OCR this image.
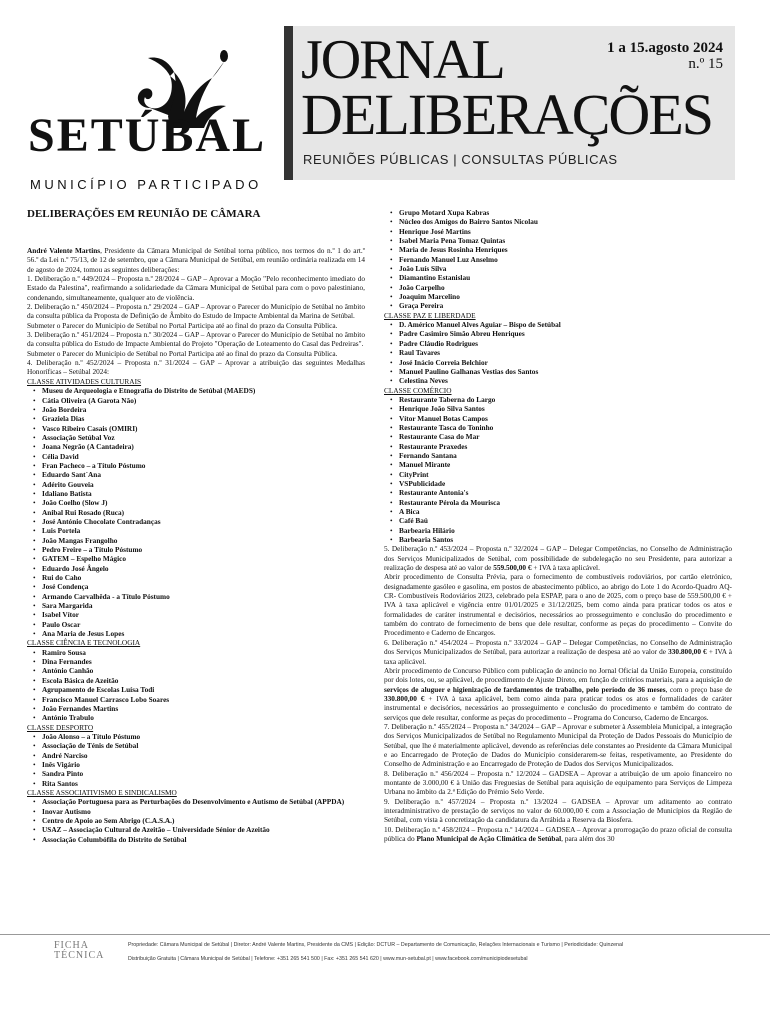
SETÚBAL
MUNICÍPIO PARTICIPADO
JORNAL
DELIBERAÇÕES
1 a 15.agosto 2024
n.º 15
REUNIÕES PÚBLICAS | CONSULTAS PÚBLICAS
DELIBERAÇÕES EM REUNIÃO DE CÂMARA

André Valente Martins, Presidente da Câmara Municipal de Setúbal torna público, nos termos do n.º 1 do art.º 56.º da Lei n.º 75/13, de 12 de setembro, que a Câmara Municipal de Setúbal, em reunião ordinária realizada em 14 de agosto de 2024, tomou as seguintes deliberações:

1. Deliberação n.º 449/2024 – Proposta n.º 28/2024 – GAP – Aprovar a Moção "Pelo reconhecimento imediato do Estado da Palestina", reafirmando a solidariedade da Câmara Municipal de Setúbal para com o povo palestiniano, condenando, simultaneamente, qualquer ato de violência.

2. Deliberação n.º 450/2024 – Proposta n.º 29/2024 – GAP – Aprovar o Parecer do Município de Setúbal no âmbito da consulta pública da Proposta de Definição de Âmbito do Estudo de Impacte Ambiental da Marina de Setúbal.

Submeter o Parecer do Município de Setúbal no Portal Participa até ao final do prazo da Consulta Pública.

3. Deliberação n.º 451/2024 – Proposta n.º 30/2024 – GAP – Aprovar o Parecer do Município de Setúbal no âmbito da consulta pública do Estudo de Impacte Ambiental do Projeto "Operação de Loteamento do Casal das Pedreiras".

Submeter o Parecer do Município de Setúbal no Portal Participa até ao final do prazo da Consulta Pública.

4. Deliberação n.º 452/2024 – Proposta n.º 31/2024 – GAP – Aprovar a atribuição das seguintes Medalhas Honoríficas – Setúbal 2024:

CLASSE ATIVIDADES CULTURAIS
• Museu de Arqueologia e Etnografia do Distrito de Setúbal (MAEDS)
• Cátia Oliveira (A Garota Não)
• João Bordeira
• Graziela Dias
• Vasco Ribeiro Casais (OMIRI)
• Associação Setúbal Voz
• Joana Negrão (A Cantadeira)
• Célia David
• Fran Pacheco – a Título Póstumo
• Eduardo Sant´Ana
• Adérito Gouveia
• Idaliano Batista
• João Coelho (Slow J)
• Anibal Rui Rosado (Ruca)
• José António Chocolate Contradanças
• Luis Portela
• João Mangas Frangolho
• Pedro Freire – a Título Póstumo
• GATEM – Espelho Mágico
• Eduardo José Ângelo
• Rui do Caho
• José Condença
• Armando Carvalhêda - a Título Póstumo
• Sara Margarida
• Isabel Vítor
• Paulo Oscar
• Ana Maria de Jesus Lopes
CLASSE CIÊNCIA E TECNOLOGIA
• Ramiro Sousa
• Dina Fernandes
• António Canhão
• Escola Básica de Azeitão
• Agrupamento de Escolas Luísa Todi
• Francisco Manuel Carrasco Lobo Soares
• João Fernandes Martins
• António Trabulo
CLASSE DESPORTO
• João Alonso – a Título Póstumo
• Associação de Ténis de Setúbal
• André Narciso
• Inês Vigário
• Sandra Pinto
• Rita Santos
CLASSE ASSOCIATIVISMO E SINDICALISMO
• Associação Portuguesa para as Perturbações do Desenvolvimento e Autismo de Setúbal (APPDA)
• Inovar Autismo
• Centro de Apoio ao Sem Abrigo (C.A.S.A.)
• USAZ – Associação Cultural de Azeitão – Universidade Sénior de Azeitão
• Associação Columbófila do Distrito de Setúbal
• Grupo Motard Xupa Kabras
• Núcleo dos Amigos do Bairro Santos Nicolau
• Henrique José Martins
• Isabel Maria Pena Tomaz Quintas
• Maria de Jesus Rosinha Henriques
• Fernando Manuel Luz Anselmo
• João Luís Silva
• Diamantino Estanislau
• João Carpelho
• Joaquim Marcelino
• Graça Pereira
CLASSE PAZ E LIBERDADE
• D. Américo Manuel Alves Aguiar – Bispo de Setúbal
• Padre Casimiro Simão Abreu Henriques
• Padre Cláudio Rodrigues
• Raul Tavares
• José Inácio Correia Belchior
• Manuel Paulino Galhanas Vestias dos Santos
• Celestina Neves
CLASSE COMÉRCIO
• Restaurante Taberna do Largo
• Henrique João Silva Santos
• Vítor Manuel Botas Campos
• Restaurante Tasca do Toninho
• Restaurante Casa do Mar
• Restaurante Praxedes
• Fernando Santana
• Manuel Mirante
• CityPrint
• VSPublicidade
• Restaurante Antonia's
• Restaurante Pérola da Mourisca
• A Bica
• Café Baú
• Barbearia Hilário
• Barbearia Santos

5. Deliberação n.º 453/2024 – Proposta n.º 32/2024 – GAP – Delegar Competências, no Conselho de Administração dos Serviços Municipalizados de Setúbal, com possibilidade de subdelegação no seu Presidente, para autorizar a realização de despesa até ao valor de 559.500,00 € + IVA à taxa aplicável.

Abrir procedimento de Consulta Prévia, para o fornecimento de combustíveis rodoviários, por cartão eletrónico, designadamente gasóleo e gasolina, em postos de abastecimento público, ao abrigo do Lote 1 do Acordo-Quadro AQ-CR- Combustíveis Rodoviários 2023, celebrado pela ESPAP, para o ano de 2025, com o preço base de 559.500,00 € + IVA à taxa aplicável e vigência entre 01/01/2025 e 31/12/2025, bem como ainda para praticar todos os atos e formalidades de caráter instrumental e decisórios, necessários ao prosseguimento e conclusão do procedimento e também do contrato de fornecimento de bens que dele resultar, conforme as peças do procedimento – Convite do Procedimento e Caderno de Encargos.

6. Deliberação n.º 454/2024 – Proposta n.º 33/2024 – GAP – Delegar Competências, no Conselho de Administração dos Serviços Municipalizados de Setúbal, para autorizar a realização de despesa até ao valor de 330.800,00 € + IVA à taxa aplicável.

Abrir procedimento de Concurso Público com publicação de anúncio no Jornal Oficial da União Europeia, constituído por dois lotes, ou, se aplicável, de procedimento de Ajuste Direto, em função de critérios materiais, para a aquisição de serviços de aluguer e higienização de fardamentos de trabalho, pelo período de 36 meses, com o preço base de 330.800,00 € + IVA à taxa aplicável, bem como ainda para praticar todos os atos e formalidades de caráter instrumental e decisórios, necessários ao prosseguimento e conclusão do procedimento e também do contrato de serviços que dele resultar, conforme as peças do procedimento – Programa do Concurso, Caderno de Encargos.

7. Deliberação n.º 455/2024 – Proposta n.º 34/2024 – GAP – Aprovar e submeter à Assembleia Municipal, a integração dos Serviços Municipalizados de Setúbal no Regulamento Municipal da Proteção de Dados Pessoais do Município de Setúbal, que lhe é materialmente aplicável, devendo as referências dele constantes ao Presidente da Câmara Municipal e ao Encarregado de Proteção de Dados do Município considerarem-se feitas, respetivamente, ao Presidente do Conselho de Administração e ao Encarregado de Proteção de Dados dos Serviços Municipalizados.

8. Deliberação n.º 456/2024 – Proposta n.º 12/2024 – GADSEA – Aprovar a atribuição de um apoio financeiro no montante de 3.000,00 € à União das Freguesias de Setúbal para aquisição de equipamento para Serviços de Limpeza Urbana no âmbito da 2.ª Edição do Prémio Selo Verde.

9. Deliberação n.º 457/2024 – Proposta n.º 13/2024 – GADSEA – Aprovar um aditamento ao contrato interadministrativo de prestação de serviços no valor de 60.000,00 € com a Associação de Municípios da Região de Setúbal, com vista à concretização da candidatura da Arrábida a Reserva da Biosfera.

10. Deliberação n.º 458/2024 – Proposta n.º 14/2024 – GADSEA – Aprovar a prorrogação do prazo oficial de consulta pública do Plano Municipal de Ação Climática de Setúbal, para além dos 30

FICHA
TÉCNICA
Propriedade: Câmara Municipal de Setúbal | Diretor: André Valente Martins, Presidente da CMS | Edição: DCTUR – Departamento de Comunicação, Relações Internacionais e Turismo | Periodicidade: Quinzenal
Distribuição Gratuita | Câmara Municipal de Setúbal | Telefone: +351 265 541 500 | Fax: +351 265 541 620 | www.mun-setubal.pt | www.facebook.com/municipiodesetubal
